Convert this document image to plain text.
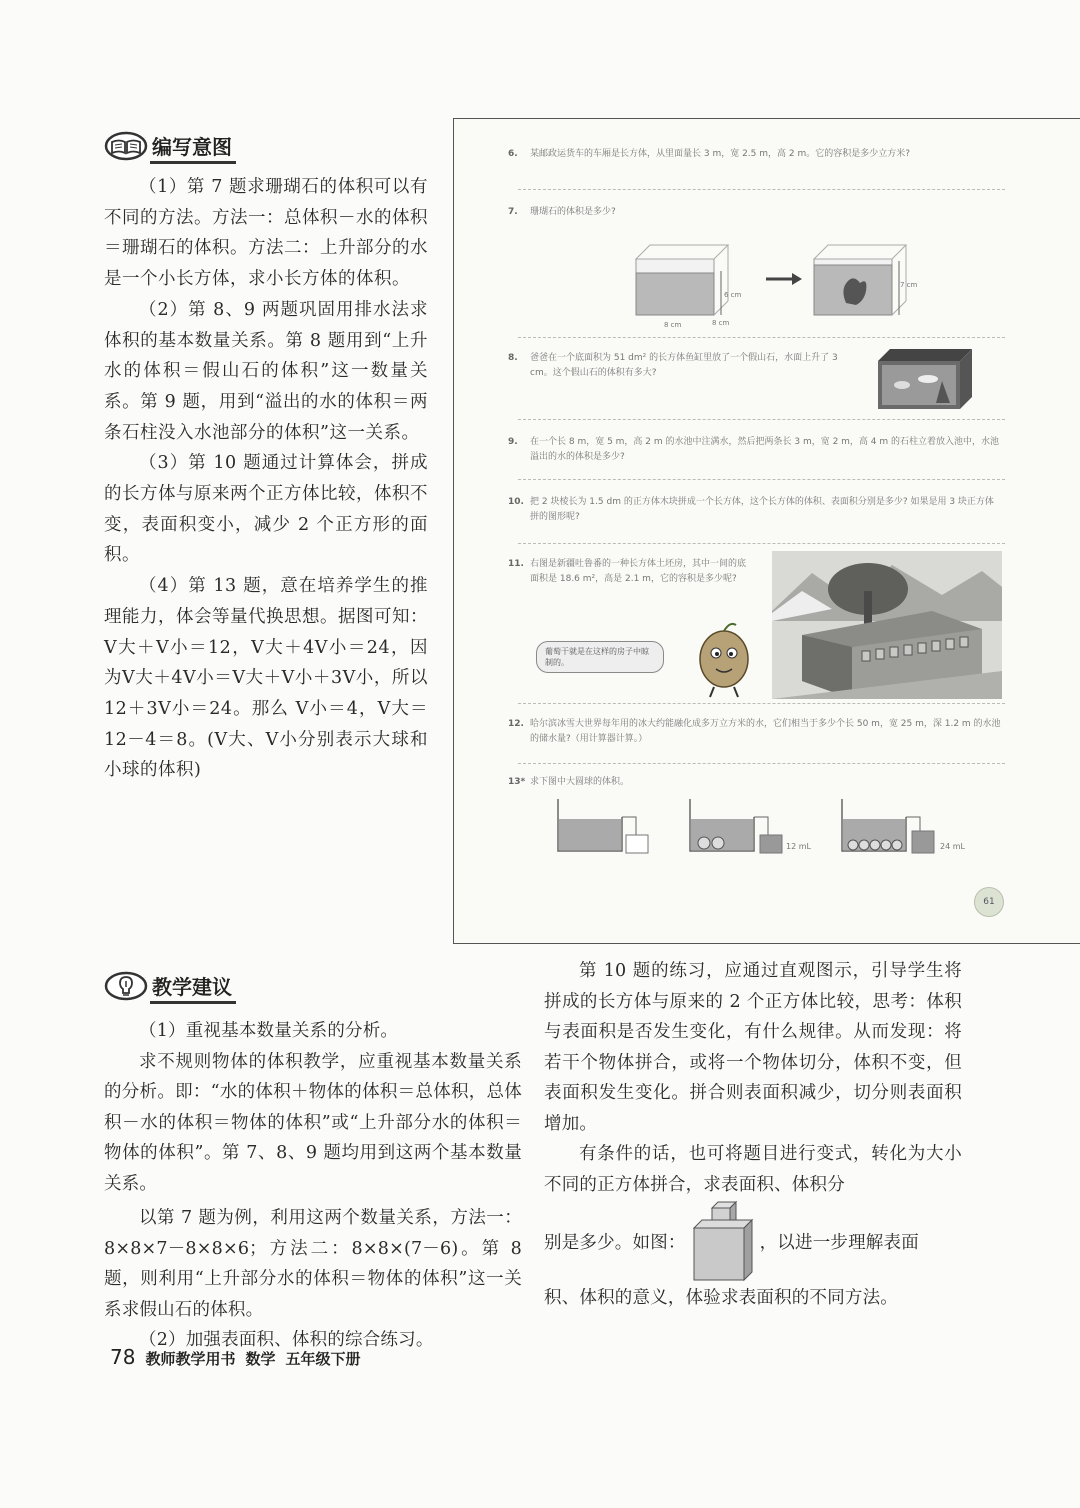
编写意图

（1）第 7 题求珊瑚石的体积可以有不同的方法。方法一：总体积－水的体积＝珊瑚石的体积。方法二：上升部分的水是一个小长方体，求小长方体的体积。

（2）第 8、9 两题巩固用排水法求体积的基本数量关系。第 8 题用到“上升水的体积＝假山石的体积”这一数量关系。第 9 题，用到“溢出的水的体积＝两条石柱没入水池部分的体积”这一关系。

（3）第 10 题通过计算体会，拼成的长方体与原来两个正方体比较，体积不变，表面积变小，减少 2 个正方形的面积。

（4）第 13 题，意在培养学生的推理能力，体会等量代换思想。据图可知：V大＋V小＝12，V大＋4V小＝24，因为V大＋4V小＝V大＋V小＋3V小，所以 12＋3V小＝24。那么 V小＝4，V大＝12－4＝8。(V大、V小分别表示大球和小球的体积)

6. 某邮政运货车的车厢是长方体，从里面量长 3 m，宽 2.5 m，高 2 m。它的容积是多少立方米?
7. 珊瑚石的体积是多少?
6 cm
8 cm	8 cm
7 cm
8. 爸爸在一个底面积为 51 dm² 的长方体鱼缸里放了一个假山石，水面上升了 3 cm。这个假山石的体积有多大?
9. 在一个长 8 m，宽 5 m，高 2 m 的水池中注满水，然后把两条长 3 m，宽 2 m，高 4 m 的石柱立着放入池中，水池溢出的水的体积是多少?
10. 把 2 块棱长为 1.5 dm 的正方体木块拼成一个长方体，这个长方体的体积、表面积分别是多少? 如果是用 3 块正方体拼的图形呢?
11. 右图是新疆吐鲁番的一种长方体土坯房，其中一间的底面积是 18.6 m²，高是 2.1 m，它的容积是多少呢?
葡萄干就是在这样的房子中晾制的。
12. 哈尔滨冰雪大世界每年用的冰大约能融化成多万立方米的水，它们相当于多少个长 50 m，宽 25 m，深 1.2 m 的水池的储水量?（用计算器计算。）
13* 求下图中大圆球的体积。
12 mL	24 mL
61
教学建议

（1）重视基本数量关系的分析。

求不规则物体的体积教学，应重视基本数量关系的分析。即：“水的体积＋物体的体积＝总体积，总体积－水的体积＝物体的体积”或“上升部分水的体积＝物体的体积”。第 7、8、9 题均用到这两个基本数量关系。

以第 7 题为例，利用这两个数量关系，方法一：8×8×7－8×8×6；方法二：8×8×(7－6)。第 8 题，则利用“上升部分水的体积＝物体的体积”这一关系求假山石的体积。

（2）加强表面积、体积的综合练习。

第 10 题的练习，应通过直观图示，引导学生将拼成的长方体与原来的 2 个正方体比较，思考：体积与表面积是否发生变化，有什么规律。从而发现：将若干个物体拼合，或将一个物体切分，体积不变，但表面积发生变化。拼合则表面积减少，切分则表面积增加。

有条件的话，也可将题目进行变式，转化为大小不同的正方体拼合，求表面积、体积分

别是多少。如图：	，以进一步理解表面
积、体积的意义，体验求表面积的不同方法。
78 教师教学用书 数学 五年级下册
